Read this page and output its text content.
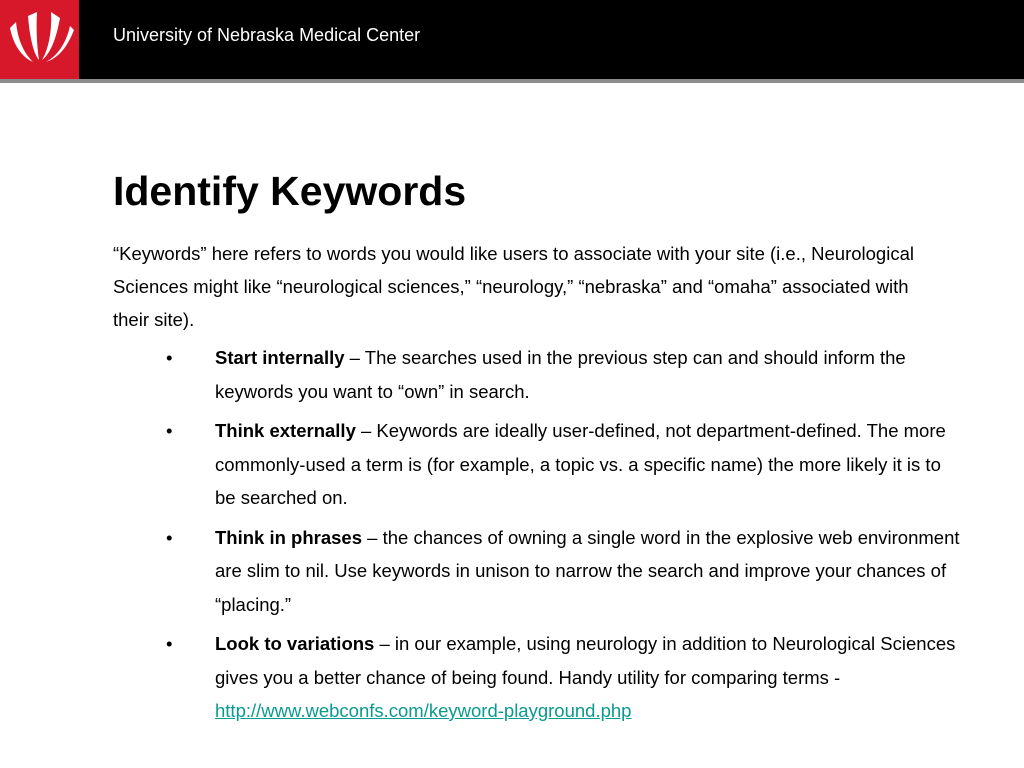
University of Nebraska Medical Center
Identify Keywords

“Keywords” here refers to words you would like users to associate with your site (i.e., Neurological Sciences might like “neurological sciences,” “neurology,” “nebraska” and “omaha” associated with their site).

• Start internally – The searches used in the previous step can and should inform the keywords you want to “own” in search.
• Think externally – Keywords are ideally user-defined, not department-defined. The more commonly-used a term is (for example, a topic vs. a specific name) the more likely it is to be searched on.
• Think in phrases – the chances of owning a single word in the explosive web environment are slim to nil. Use keywords in unison to narrow the search and improve your chances of “placing.”
• Look to variations – in our example, using neurology in addition to Neurological Sciences gives you a better chance of being found. Handy utility for comparing terms - http://www.webconfs.com/keyword-playground.php
